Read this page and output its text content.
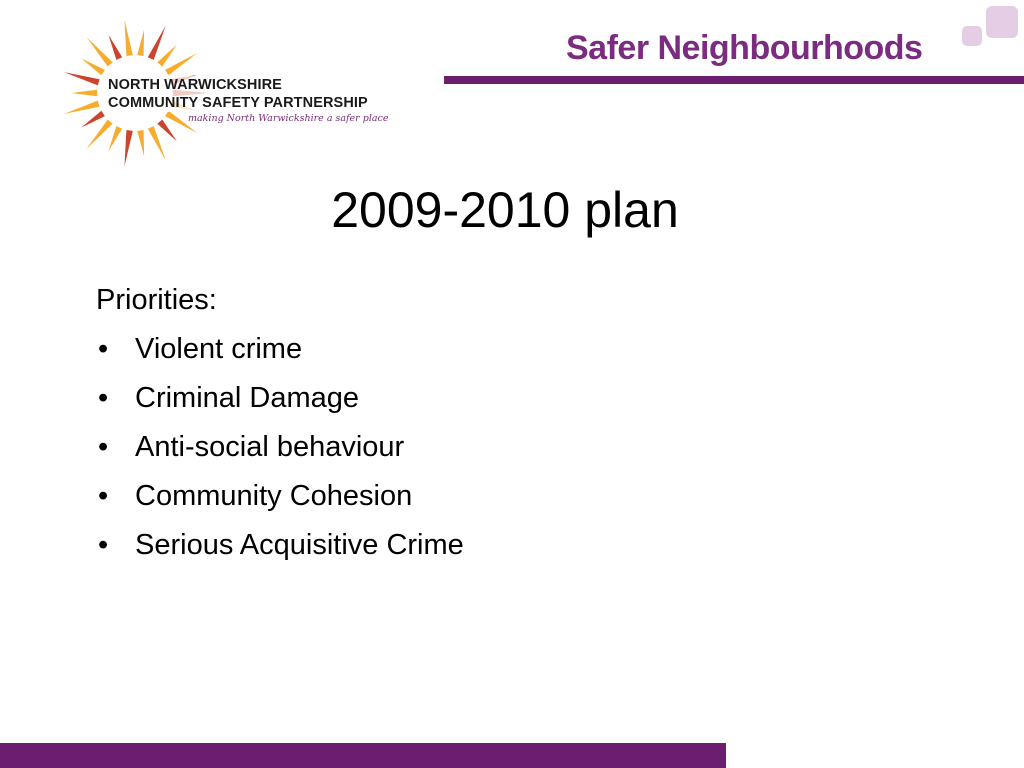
NORTH WARWICKSHIRE
COMMUNITY SAFETY PARTNERSHIP
making North Warwickshire a safer place
Safer Neighbourhoods
2009-2010 plan

Priorities:

• Violent crime
• Criminal Damage
• Anti-social behaviour
• Community Cohesion
• Serious Acquisitive Crime
